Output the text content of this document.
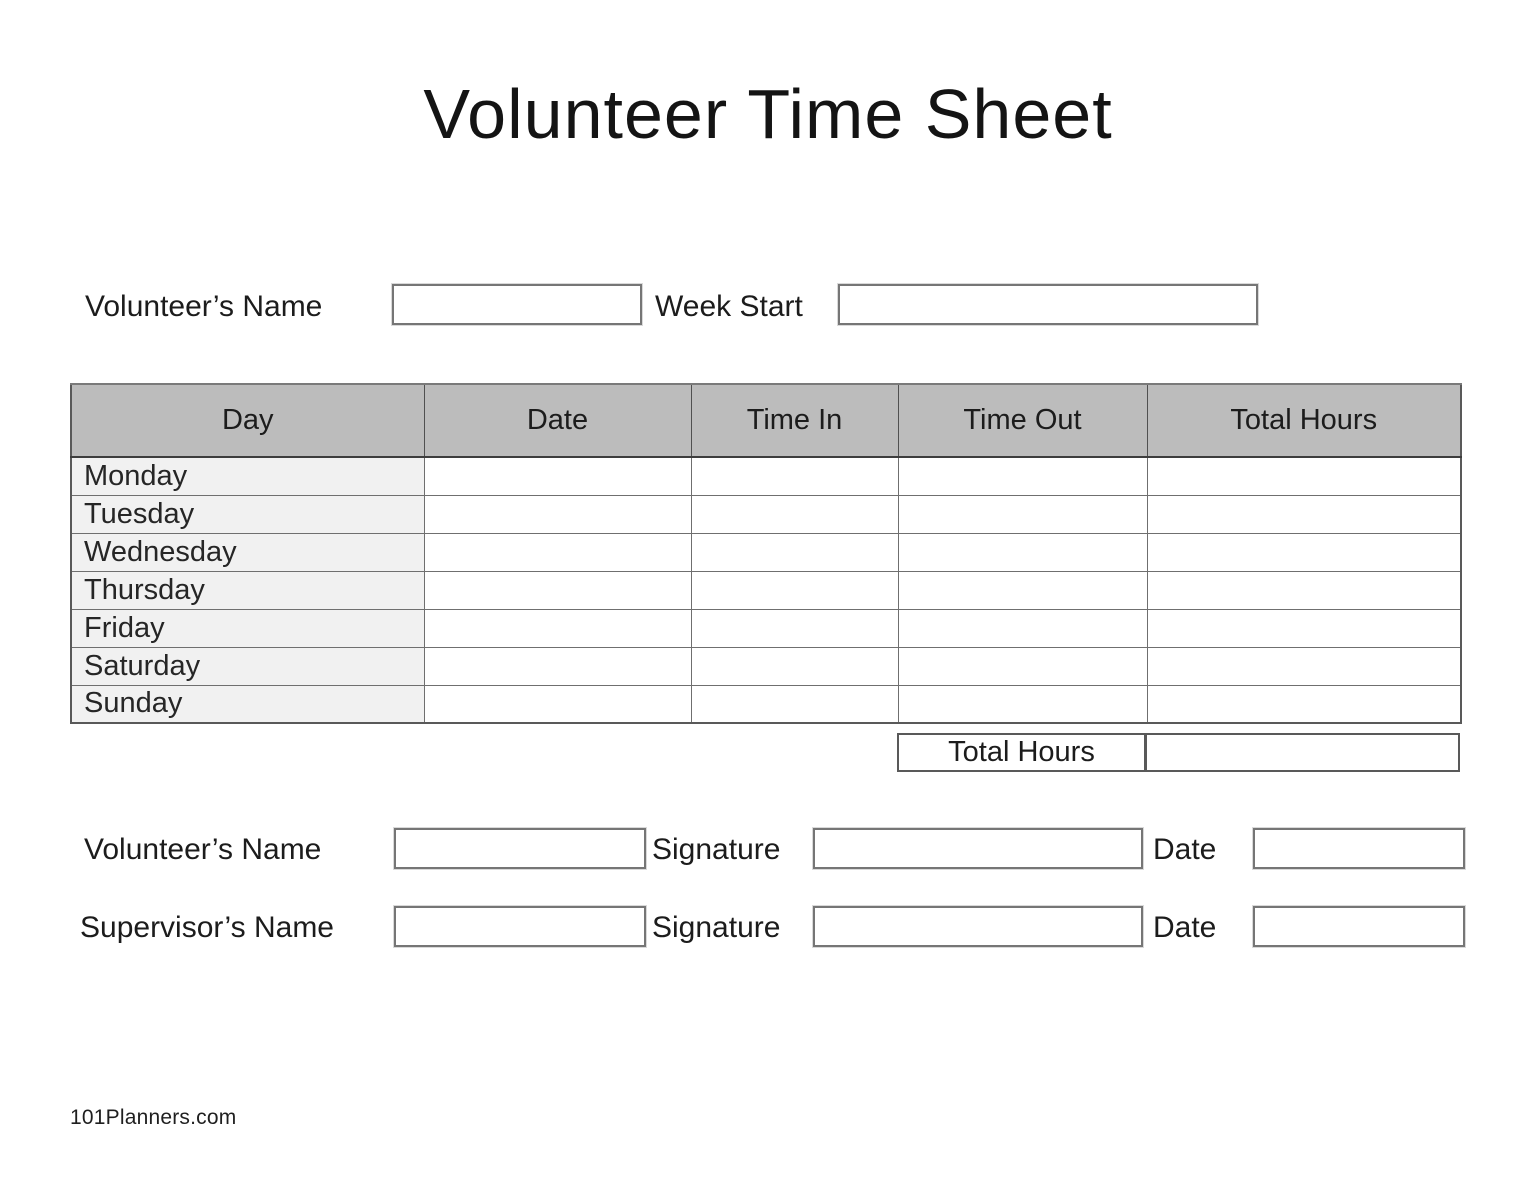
Volunteer Time Sheet
Volunteer’s Name	Week Start
Day	Date	Time In	Time Out	Total Hours
Monday				
Tuesday				
Wednesday				
Thursday				
Friday				
Saturday				
Sunday				
Total Hours
Volunteer’s Name	Signature	Date
Supervisor’s Name	Signature	Date
101Planners.com
